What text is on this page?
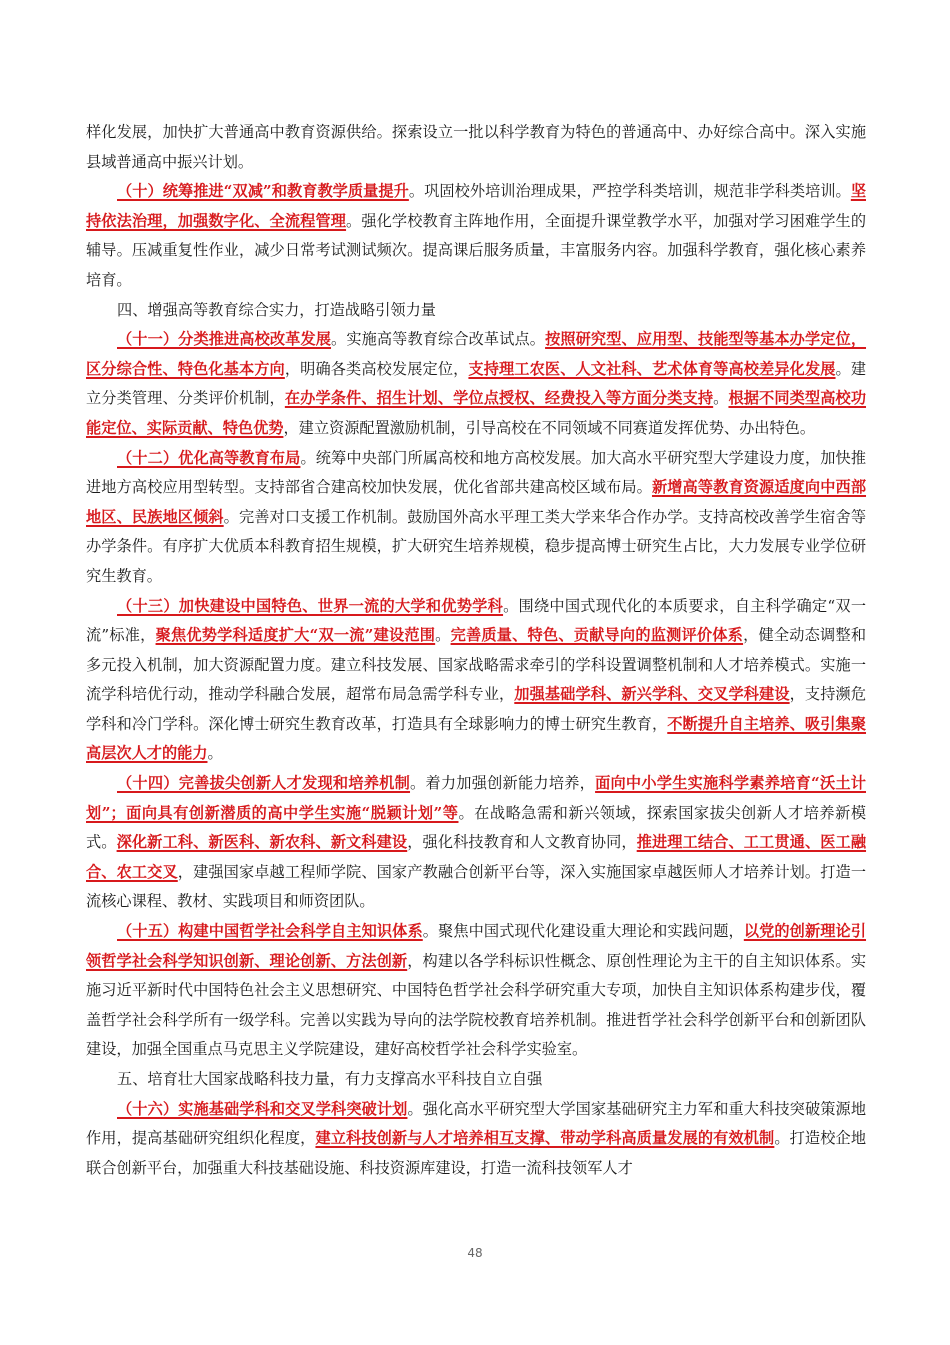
样化发展，加快扩大普通高中教育资源供给。探索设立一批以科学教育为特色的普通高中、办好综合高中。深入实施县域普通高中振兴计划。

（十）统筹推进“双减”和教育教学质量提升。巩固校外培训治理成果，严控学科类培训，规范非学科类培训。坚持依法治理，加强数字化、全流程管理。强化学校教育主阵地作用，全面提升课堂教学水平，加强对学习困难学生的辅导。压减重复性作业，减少日常考试测试频次。提高课后服务质量，丰富服务内容。加强科学教育，强化核心素养培育。

四、增强高等教育综合实力，打造战略引领力量

（十一）分类推进高校改革发展。实施高等教育综合改革试点。按照研究型、应用型、技能型等基本办学定位，区分综合性、特色化基本方向，明确各类高校发展定位，支持理工农医、人文社科、艺术体育等高校差异化发展。建立分类管理、分类评价机制，在办学条件、招生计划、学位点授权、经费投入等方面分类支持。根据不同类型高校功能定位、实际贡献、特色优势，建立资源配置激励机制，引导高校在不同领域不同赛道发挥优势、办出特色。

（十二）优化高等教育布局。统筹中央部门所属高校和地方高校发展。加大高水平研究型大学建设力度，加快推进地方高校应用型转型。支持部省合建高校加快发展，优化省部共建高校区域布局。新增高等教育资源适度向中西部地区、民族地区倾斜。完善对口支援工作机制。鼓励国外高水平理工类大学来华合作办学。支持高校改善学生宿舍等办学条件。有序扩大优质本科教育招生规模，扩大研究生培养规模，稳步提高博士研究生占比，大力发展专业学位研究生教育。

（十三）加快建设中国特色、世界一流的大学和优势学科。围绕中国式现代化的本质要求，自主科学确定“双一流”标准，聚焦优势学科适度扩大“双一流”建设范围。完善质量、特色、贡献导向的监测评价体系，健全动态调整和多元投入机制，加大资源配置力度。建立科技发展、国家战略需求牵引的学科设置调整机制和人才培养模式。实施一流学科培优行动，推动学科融合发展，超常布局急需学科专业，加强基础学科、新兴学科、交叉学科建设，支持濒危学科和冷门学科。深化博士研究生教育改革，打造具有全球影响力的博士研究生教育，不断提升自主培养、吸引集聚高层次人才的能力。

（十四）完善拔尖创新人才发现和培养机制。着力加强创新能力培养，面向中小学生实施科学素养培育“沃土计划”；面向具有创新潜质的高中学生实施“脱颖计划”等。在战略急需和新兴领域，探索国家拔尖创新人才培养新模式。深化新工科、新医科、新农科、新文科建设，强化科技教育和人文教育协同，推进理工结合、工工贯通、医工融合、农工交叉，建强国家卓越工程师学院、国家产教融合创新平台等，深入实施国家卓越医师人才培养计划。打造一流核心课程、教材、实践项目和师资团队。

（十五）构建中国哲学社会科学自主知识体系。聚焦中国式现代化建设重大理论和实践问题，以党的创新理论引领哲学社会科学知识创新、理论创新、方法创新，构建以各学科标识性概念、原创性理论为主干的自主知识体系。实施习近平新时代中国特色社会主义思想研究、中国特色哲学社会科学研究重大专项，加快自主知识体系构建步伐，覆盖哲学社会科学所有一级学科。完善以实践为导向的法学院校教育培养机制。推进哲学社会科学创新平台和创新团队建设，加强全国重点马克思主义学院建设，建好高校哲学社会科学实验室。

五、培育壮大国家战略科技力量，有力支撑高水平科技自立自强

（十六）实施基础学科和交叉学科突破计划。强化高水平研究型大学国家基础研究主力军和重大科技突破策源地作用，提高基础研究组织化程度，建立科技创新与人才培养相互支撑、带动学科高质量发展的有效机制。打造校企地联合创新平台，加强重大科技基础设施、科技资源库建设，打造一流科技领军人才

48
